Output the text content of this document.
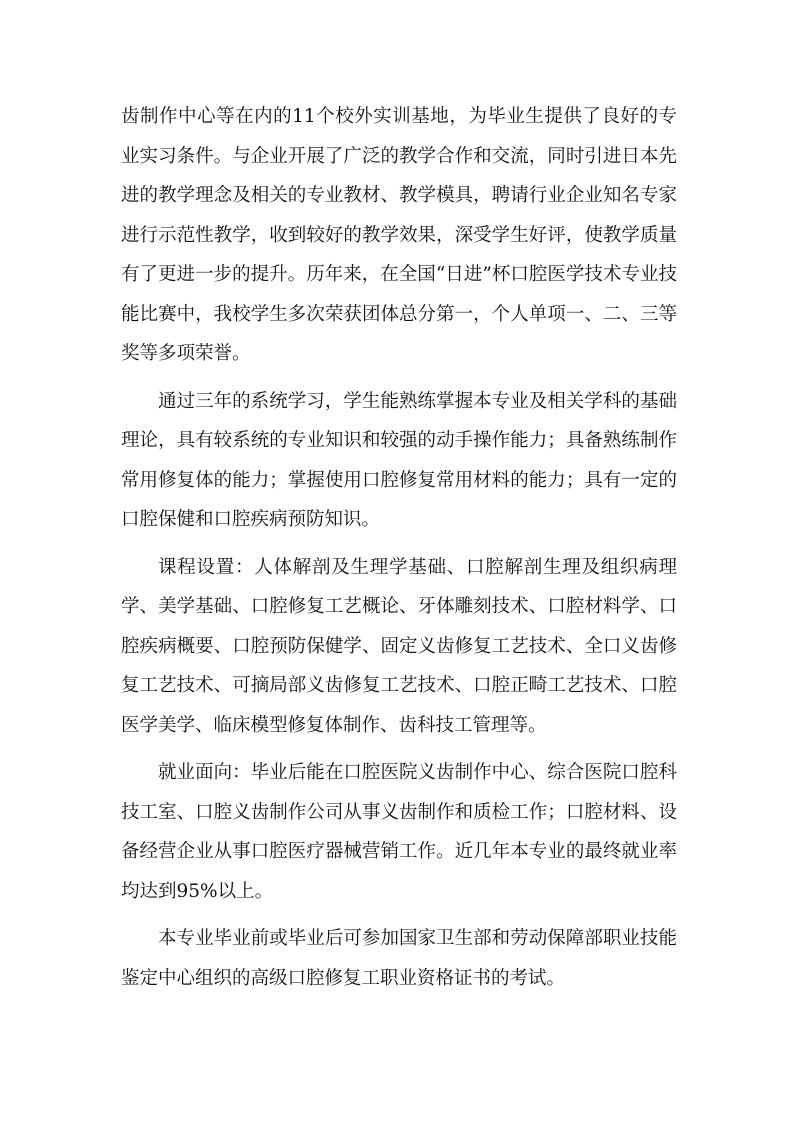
齿制作中心等在内的11个校外实训基地，为毕业生提供了良好的专业实习条件。与企业开展了广泛的教学合作和交流，同时引进日本先进的教学理念及相关的专业教材、教学模具，聘请行业企业知名专家进行示范性教学，收到较好的教学效果，深受学生好评，使教学质量有了更进一步的提升。历年来，在全国“日进”杯口腔医学技术专业技能比赛中，我校学生多次荣获团体总分第一，个人单项一、二、三等奖等多项荣誉。

通过三年的系统学习，学生能熟练掌握本专业及相关学科的基础理论，具有较系统的专业知识和较强的动手操作能力；具备熟练制作常用修复体的能力；掌握使用口腔修复常用材料的能力；具有一定的口腔保健和口腔疾病预防知识。

课程设置：人体解剖及生理学基础、口腔解剖生理及组织病理学、美学基础、口腔修复工艺概论、牙体雕刻技术、口腔材料学、口腔疾病概要、口腔预防保健学、固定义齿修复工艺技术、全口义齿修复工艺技术、可摘局部义齿修复工艺技术、口腔正畸工艺技术、口腔医学美学、临床模型修复体制作、齿科技工管理等。

就业面向：毕业后能在口腔医院义齿制作中心、综合医院口腔科技工室、口腔义齿制作公司从事义齿制作和质检工作；口腔材料、设备经营企业从事口腔医疗器械营销工作。近几年本专业的最终就业率均达到95%以上。

本专业毕业前或毕业后可参加国家卫生部和劳动保障部职业技能鉴定中心组织的高级口腔修复工职业资格证书的考试。
